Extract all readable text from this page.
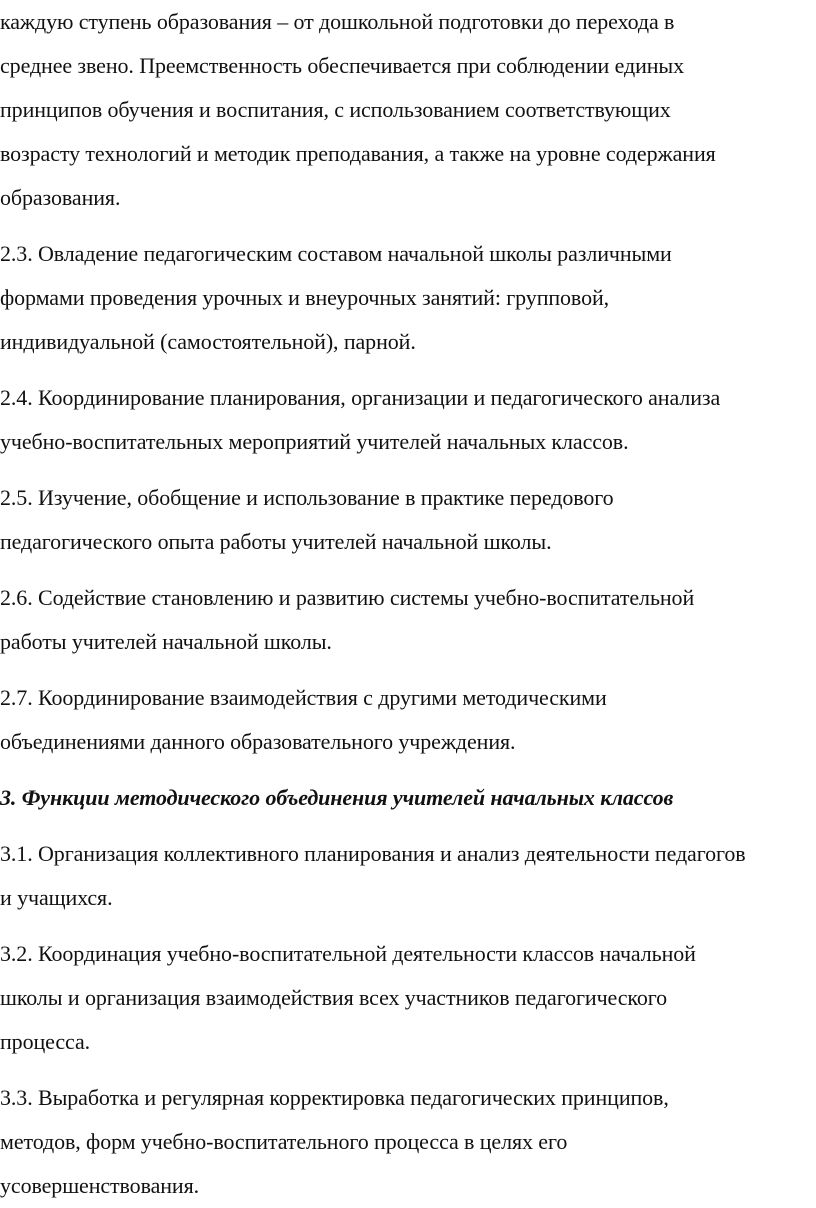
каждую ступень образования – от дошкольной подготовки до перехода в
среднее звено. Преемственность обеспечивается при соблюдении единых
принципов обучения и воспитания, с использованием соответствующих
возрасту технологий и методик преподавания, а также на уровне содержания
образования.
2.3. Овладение педагогическим составом начальной школы различными
формами проведения урочных и внеурочных занятий: групповой,
индивидуальной (самостоятельной), парной.
2.4. Координирование планирования, организации и педагогического анализа
учебно-воспитательных мероприятий учителей начальных классов.
2.5. Изучение, обобщение и использование в практике передового
педагогического опыта работы учителей начальной школы.
2.6. Содействие становлению и развитию системы учебно-воспитательной
работы учителей начальной школы.
2.7. Координирование взаимодействия с другими методическими
объединениями данного образовательного учреждения.
3. Функции методического объединения учителей начальных классов
3.1. Организация коллективного планирования и анализ деятельности педагогов
и учащихся.
3.2. Координация учебно-воспитательной деятельности классов начальной
школы и организация взаимодействия всех участников педагогического
процесса.
3.3. Выработка и регулярная корректировка педагогических принципов,
методов, форм учебно-воспитательного процесса в целях его
усовершенствования.
